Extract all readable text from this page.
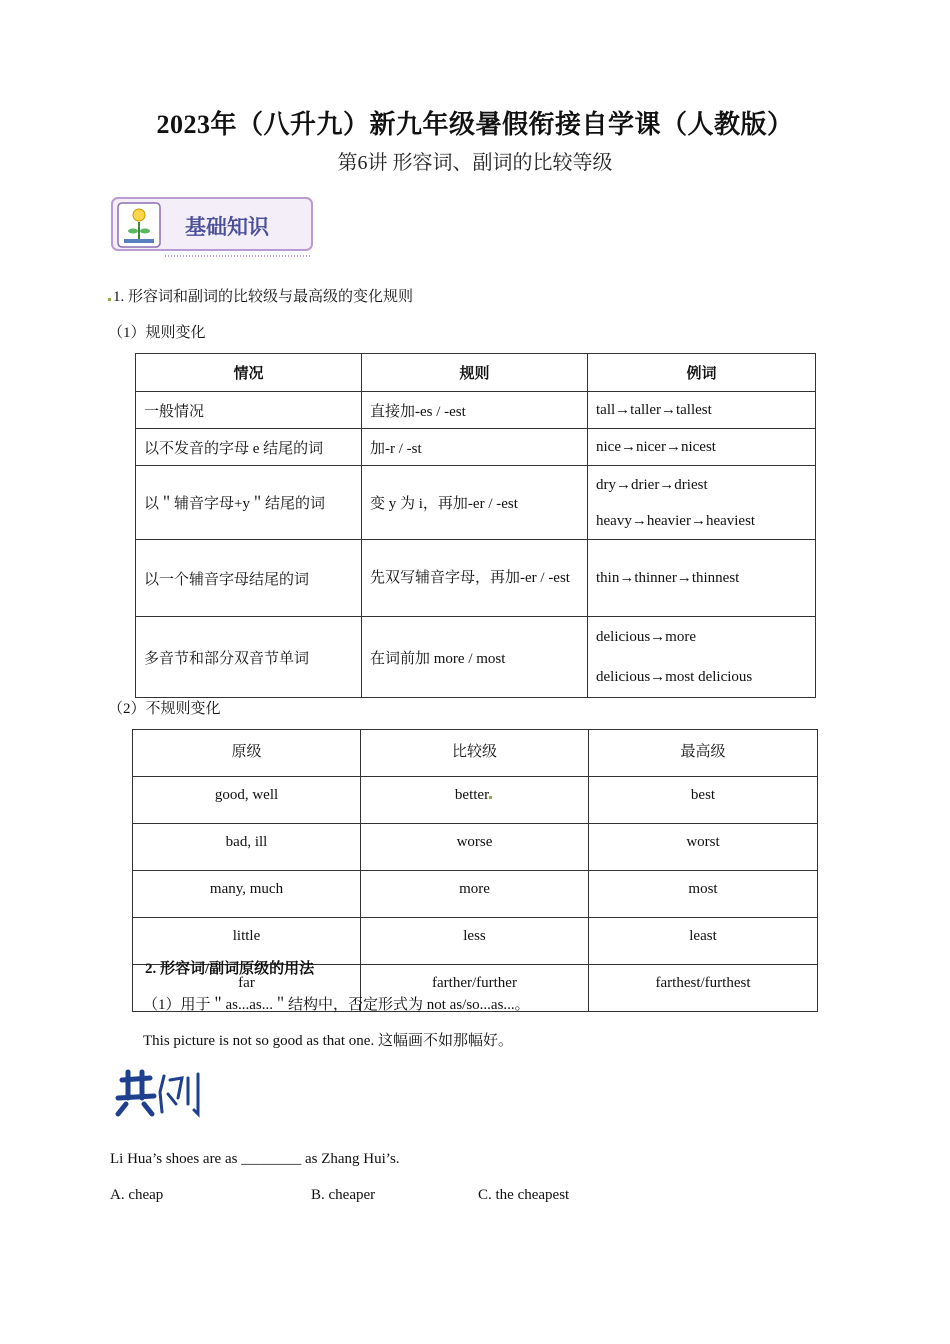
2023年（八升九）新九年级暑假衔接自学课（人教版）
第6讲 形容词、副词的比较等级
基础知识
1. 形容词和副词的比较级与最高级的变化规则
（1）规则变化
情况	规则	例词
一般情况	直接加-es / -est	tall→taller→tallest
以不发音的字母 e 结尾的词	加-r / -st	nice→nicer→nicest
以＂辅音字母+y＂结尾的词	变 y 为 i，再加-er / -est	dry→drier→driest
heavy→heavier→heaviest

以一个辅音字母结尾的词	先双写辅音字母，再加-er / -est	thin→thinner→thinnest
多音节和部分双音节单词	在词前加 more / most	delicious→more
delicious→most delicious
（2）不规则变化
原级	比较级	最高级
good, well	better	best
bad, ill	worse	worst
many, much	more	most
little	less	least
far	farther/further	farthest/furthest
2. 形容词/副词原级的用法
（1）用于＂as...as...＂结构中，否定形式为 not as/so...as...。
This picture is not so good as that one. 这幅画不如那幅好。
Li Hua’s shoes are as ________ as Zhang Hui’s.
A. cheap	B. cheaper	C. the cheapest
